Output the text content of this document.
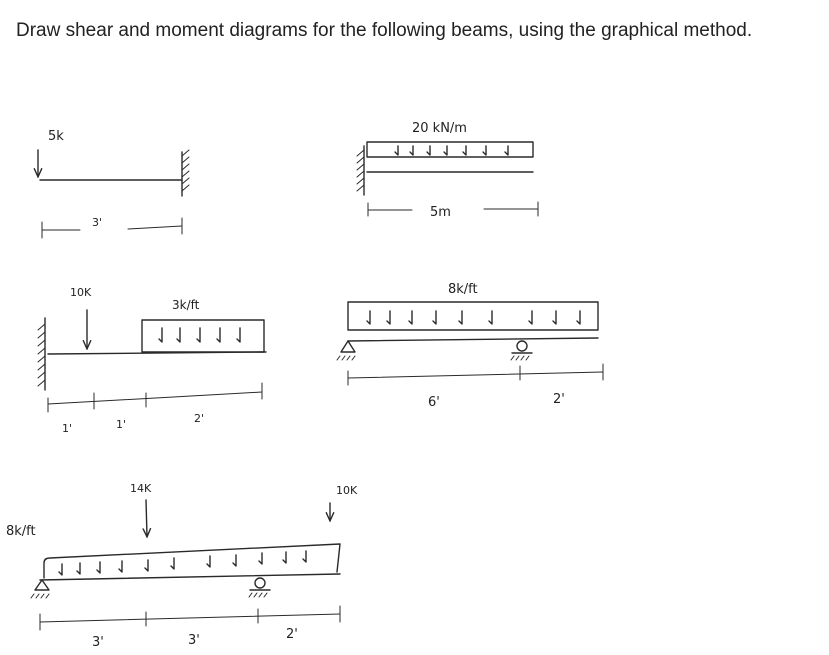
Draw shear and moment diagrams for the following beams, using the graphical method.

5k
3'
20 kN/m
5m
10K
3k/ft
1'	1'	2'
8k/ft
6'	2'
8k/ft
14K	10K
3'	3'	2'
